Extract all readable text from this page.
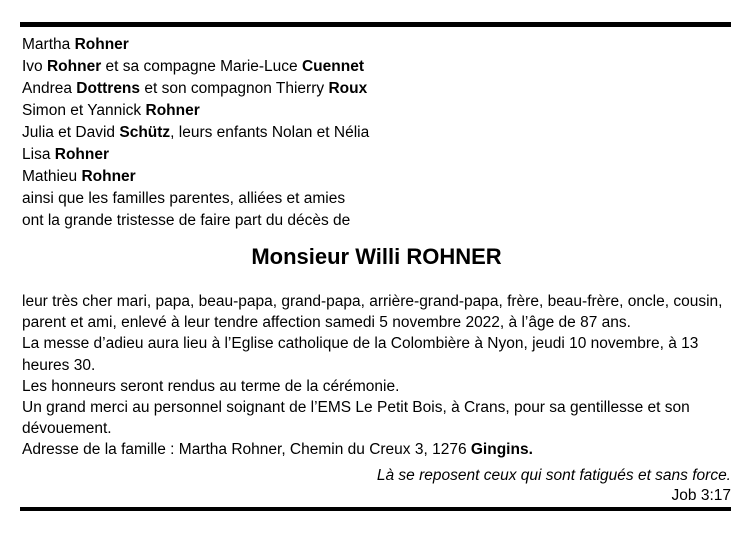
Martha Rohner
Ivo Rohner et sa compagne Marie-Luce Cuennet
Andrea Dottrens et son compagnon Thierry Roux
Simon et Yannick Rohner
Julia et David Schütz, leurs enfants Nolan et Nélia
Lisa Rohner
Mathieu Rohner
ainsi que les familles parentes, alliées et amies
ont la grande tristesse de faire part du décès de
Monsieur Willi ROHNER

leur très cher mari, papa, beau-papa, grand-papa, arrière-grand-papa, frère, beau-frère, oncle, cousin, parent et ami, enlevé à leur tendre affection samedi 5 novembre 2022, à l’âge de 87 ans.

La messe d’adieu aura lieu à l’Eglise catholique de la Colombière à Nyon, jeudi 10 novembre, à 13 heures 30.

Les honneurs seront rendus au terme de la cérémonie.

Un grand merci au personnel soignant de l’EMS Le Petit Bois, à Crans, pour sa gentillesse et son dévouement.

Adresse de la famille : Martha Rohner, Chemin du Creux 3, 1276 Gingins.

Là se reposent ceux qui sont fatigués et sans force.
Job 3:17
